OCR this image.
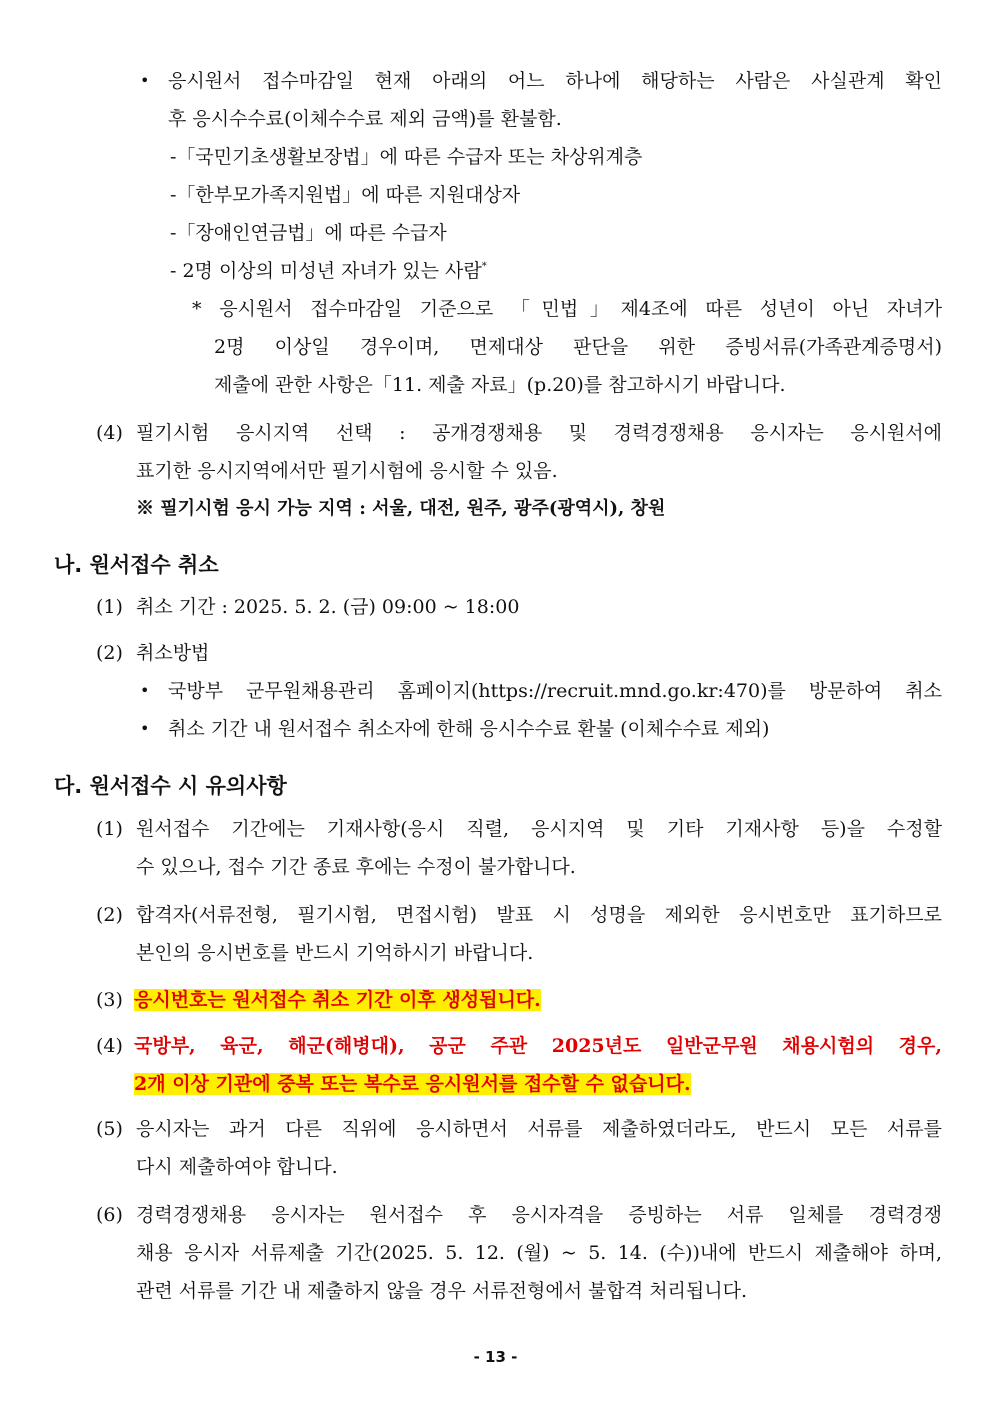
• 응시원서 접수마감일 현재 아래의 어느 하나에 해당하는 사람은 사실관계 확인
후 응시수수료(이체수수료 제외 금액)를 환불함.
-「국민기초생활보장법」에 따른 수급자 또는 차상위계층
-「한부모가족지원법」에 따른 지원대상자
-「장애인연금법」에 따른 수급자
- 2명 이상의 미성년 자녀가 있는 사람*
* 응시원서 접수마감일 기준으로 「민법」제4조에 따른 성년이 아닌 자녀가
2명 이상일 경우이며, 면제대상 판단을 위한 증빙서류(가족관계증명서)
제출에 관한 사항은「11. 제출 자료」(p.20)를 참고하시기 바랍니다.
(4) 필기시험 응시지역 선택 : 공개경쟁채용 및 경력경쟁채용 응시자는 응시원서에
표기한 응시지역에서만 필기시험에 응시할 수 있음.
※ 필기시험 응시 가능 지역 : 서울, 대전, 원주, 광주(광역시), 창원
나. 원서접수 취소
(1) 취소 기간 : 2025. 5. 2. (금) 09:00 ~ 18:00
(2) 취소방법
• 국방부 군무원채용관리 홈페이지(https://recruit.mnd.go.kr:470)를 방문하여 취소
• 취소 기간 내 원서접수 취소자에 한해 응시수수료 환불 (이체수수료 제외)
다. 원서접수 시 유의사항
(1) 원서접수 기간에는 기재사항(응시 직렬, 응시지역 및 기타 기재사항 등)을 수정할
수 있으나, 접수 기간 종료 후에는 수정이 불가합니다.
(2) 합격자(서류전형, 필기시험, 면접시험) 발표 시 성명을 제외한 응시번호만 표기하므로
본인의 응시번호를 반드시 기억하시기 바랍니다.
(3) 응시번호는 원서접수 취소 기간 이후 생성됩니다.
(4) 국방부, 육군, 해군(해병대), 공군 주관 2025년도 일반군무원 채용시험의 경우,
2개 이상 기관에 중복 또는 복수로 응시원서를 접수할 수 없습니다.
(5) 응시자는 과거 다른 직위에 응시하면서 서류를 제출하였더라도, 반드시 모든 서류를
다시 제출하여야 합니다.
(6) 경력경쟁채용 응시자는 원서접수 후 응시자격을 증빙하는 서류 일체를 경력경쟁
채용 응시자 서류제출 기간(2025. 5. 12. (월) ~ 5. 14. (수))내에 반드시 제출해야 하며,
관련 서류를 기간 내 제출하지 않을 경우 서류전형에서 불합격 처리됩니다.
- 13 -
